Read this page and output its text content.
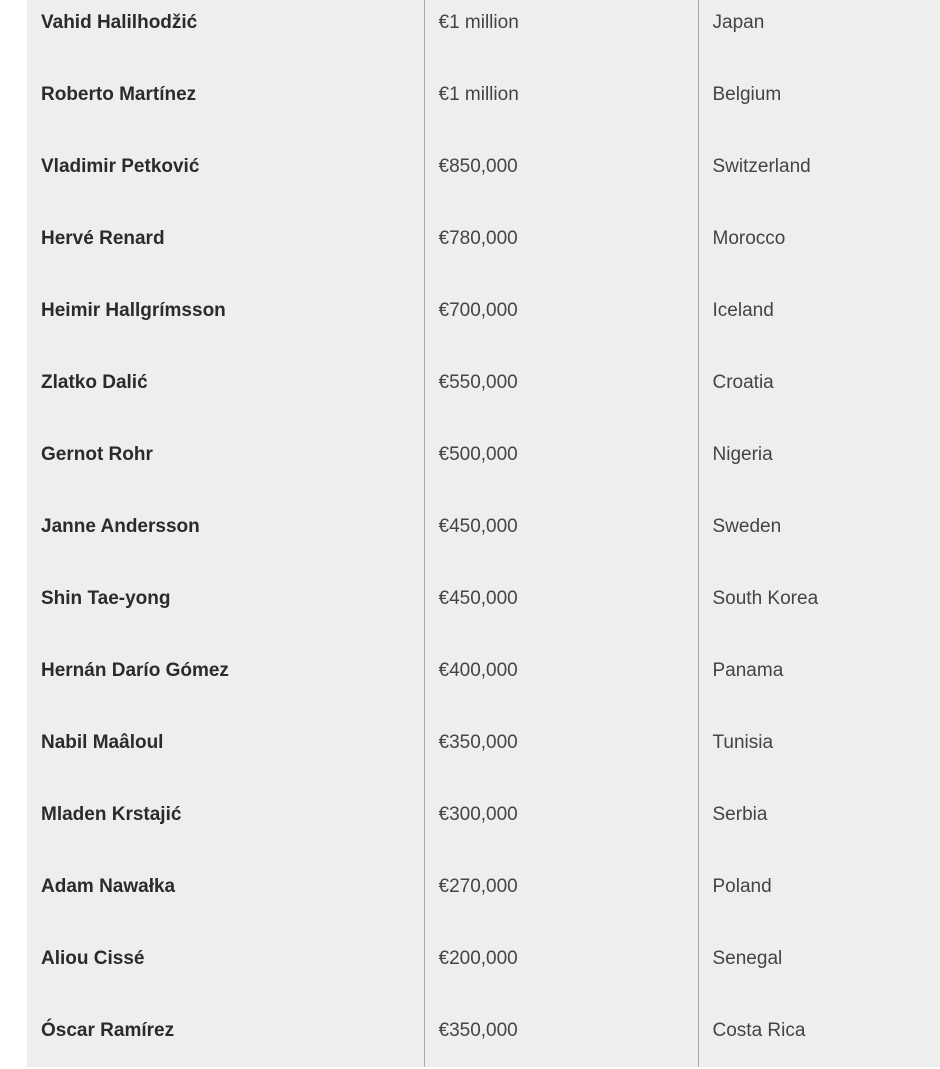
Vahid Halilhodžić	€1 million	Japan
Roberto Martínez	€1 million	Belgium
Vladimir Petković	€850,000	Switzerland
Hervé Renard	€780,000	Morocco
Heimir Hallgrímsson	€700,000	Iceland
Zlatko Dalić	€550,000	Croatia
Gernot Rohr	€500,000	Nigeria
Janne Andersson	€450,000	Sweden
Shin Tae-yong	€450,000	South Korea
Hernán Darío Gómez	€400,000	Panama
Nabil Maâloul	€350,000	Tunisia
Mladen Krstajić	€300,000	Serbia
Adam Nawałka	€270,000	Poland
Aliou Cissé	€200,000	Senegal
Óscar Ramírez	€350,000	Costa Rica
